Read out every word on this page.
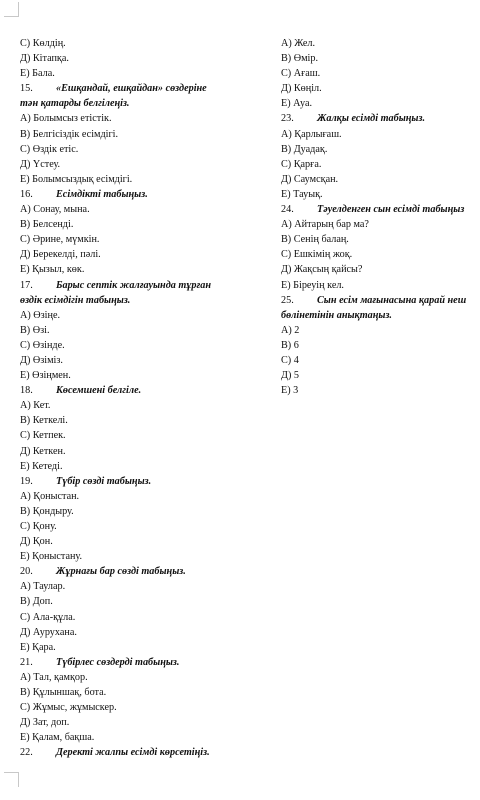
С) Көлдің.
Д) Кітапқа.
Е) Бала.
15. «Ешқандай, ешқайдан» сөздеріне
тән қатарды белгілеңіз.
А) Болымсыз етістік.
В) Белгісіздік есімдігі.
С) Өздік етіс.
Д) Үстеу.
Е) Болымсыздық есімдігі.
16. Есімдікті табыңыз.
А) Сонау, мына.
В) Белсенді.
С) Әрине, мүмкін.
Д) Берекелді, пәлі.
Е) Қызыл, көк.
17. Барыс септік жалғауында тұрған
өздік есімдігін табыңыз.
А) Өзіңе.
В) Өзі.
С) Өзінде.
Д) Өзіміз.
Е) Өзіңмен.
18. Көсемшені белгіле.
А) Кет.
В) Кеткелі.
С) Кетпек.
Д) Кеткен.
Е) Кетеді.
19. Түбір сөзді табыңыз.
А) Қоныстан.
В) Қондыру.
С) Қону.
Д) Қон.
Е) Қоныстану.
20. Жұрнағы бар сөзді табыңыз.
А) Таулар.
В) Доп.
С) Ала-құла.
Д) Аурухана.
Е) Қара.
21. Түбірлес сөздерді табыңыз.
А) Тал, қамқор.
В) Құлыншақ, бота.
С) Жұмыс, жұмыскер.
Д) Зат, доп.
Е) Қалам, бақша.
22. Деректі жалпы есімді көрсетіңіз.
А) Жел.
В) Өмір.
С) Ағаш.
Д) Көңіл.
Е) Ауа.
23. Жалқы есімді табыңыз.
А) Қарлығаш.
В) Дуадақ.
С) Қарға.
Д) Саумсқан.
Е) Тауық.
24. Тәуелденген сын есімді табыңыз
А) Айтарың бар ма?
В) Сенің балаң.
С) Ешкімің жоқ.
Д) Жақсың қайсы?
Е) Біреуің кел.
25. Сын есім мағынасына қарай неш
бөлінетінін анықтаңыз.
А) 2
В) 6
С) 4
Д) 5
Е) 3
